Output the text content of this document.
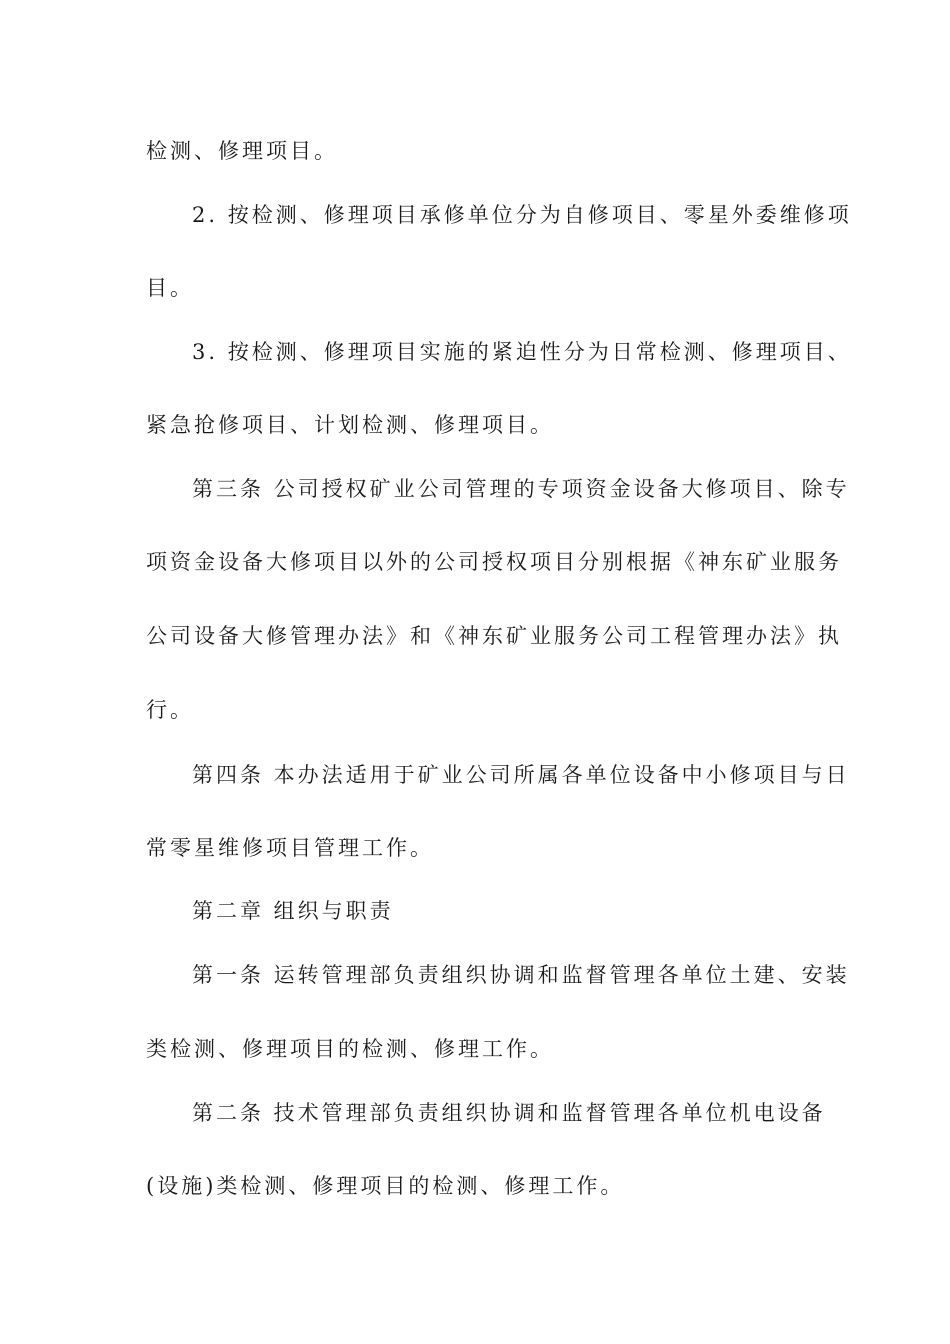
检测、修理项目。
2. 按检测、修理项目承修单位分为自修项目、零星外委维修项
目。
3. 按检测、修理项目实施的紧迫性分为日常检测、修理项目、
紧急抢修项目、计划检测、修理项目。
第三条 公司授权矿业公司管理的专项资金设备大修项目、除专
项资金设备大修项目以外的公司授权项目分别根据《神东矿业服务
公司设备大修管理办法》和《神东矿业服务公司工程管理办法》执
行。
第四条 本办法适用于矿业公司所属各单位设备中小修项目与日
常零星维修项目管理工作。
第二章 组织与职责
第一条 运转管理部负责组织协调和监督管理各单位土建、安装
类检测、修理项目的检测、修理工作。
第二条 技术管理部负责组织协调和监督管理各单位机电设备
(设施)类检测、修理项目的检测、修理工作。
